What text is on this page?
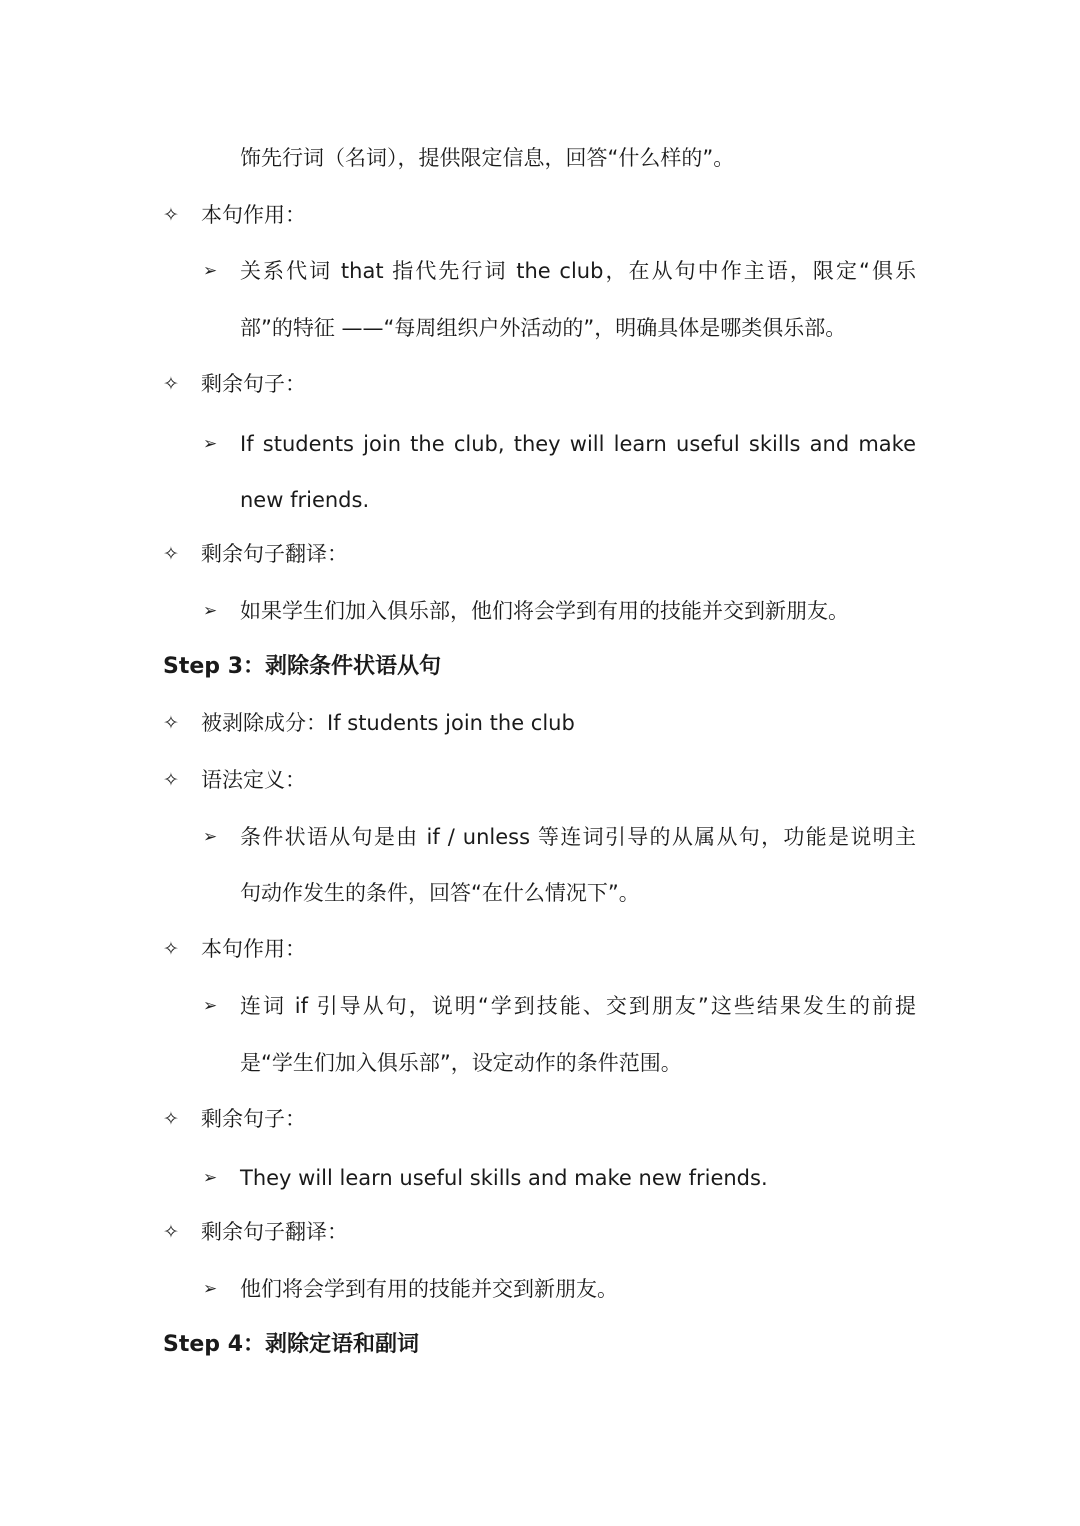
饰先行词（名词），提供限定信息，回答“什么样的”。
✧ 本句作用：
➢ 关系代词 that 指代先行词 the club，在从句中作主语，限定“俱乐
部”的特征 ——“每周组织户外活动的”，明确具体是哪类俱乐部。
✧ 剩余句子：
➢ If students join the club, they will learn useful skills and make
new friends.
✧ 剩余句子翻译：
➢ 如果学生们加入俱乐部，他们将会学到有用的技能并交到新朋友。
Step 3：剥除条件状语从句
✧ 被剥除成分：If students join the club
✧ 语法定义：
➢ 条件状语从句是由 if / unless 等连词引导的从属从句，功能是说明主
句动作发生的条件，回答“在什么情况下”。
✧ 本句作用：
➢ 连词 if 引导从句，说明“学到技能、交到朋友”这些结果发生的前提
是“学生们加入俱乐部”，设定动作的条件范围。
✧ 剩余句子：
➢ They will learn useful skills and make new friends.
✧ 剩余句子翻译：
➢ 他们将会学到有用的技能并交到新朋友。
Step 4：剥除定语和副词
